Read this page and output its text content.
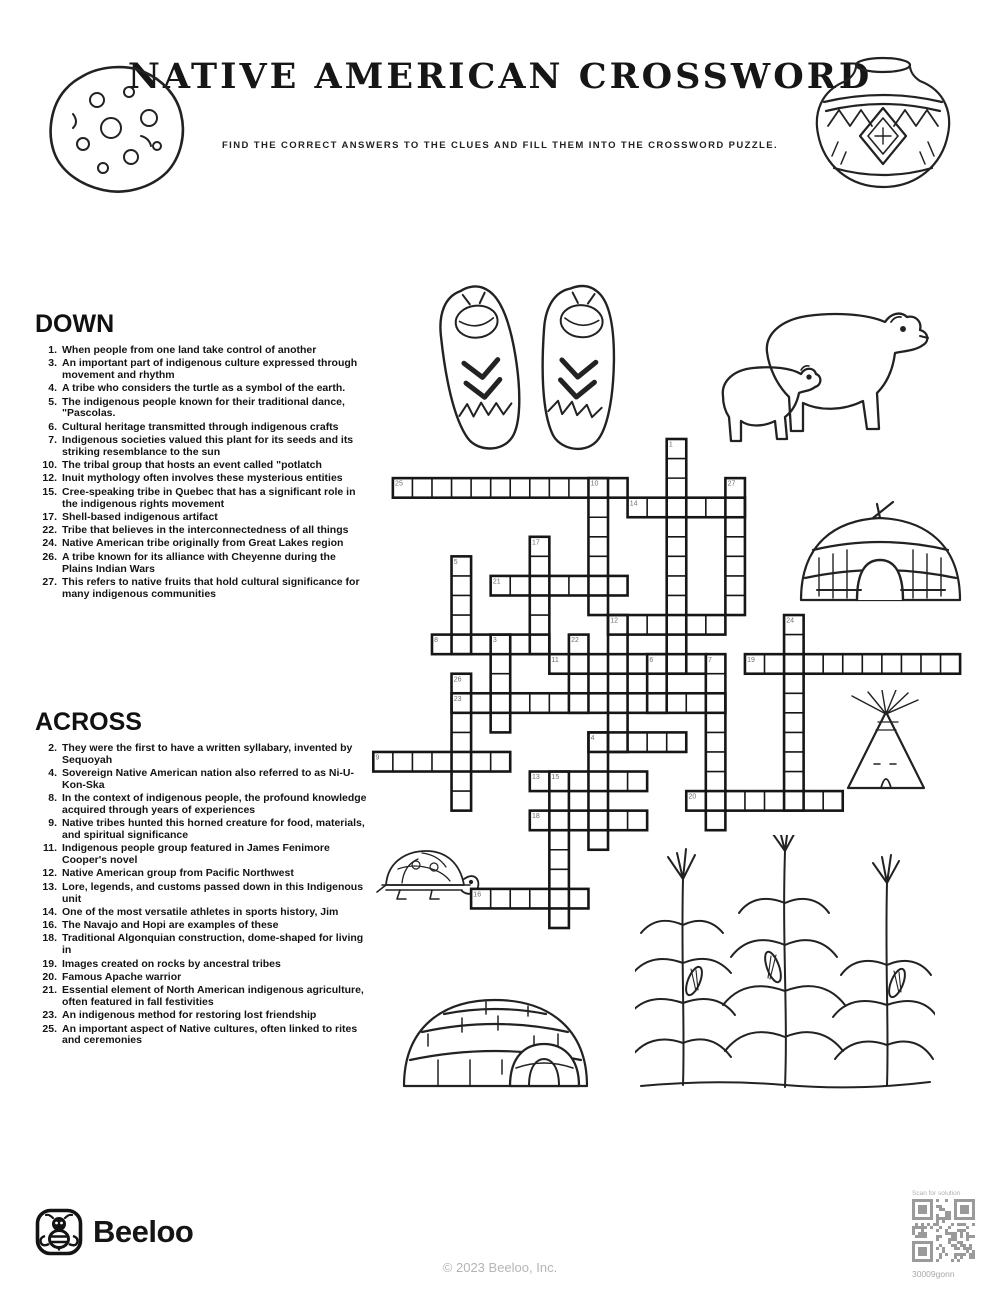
NATIVE AMERICAN CROSSWORD
FIND THE CORRECT ANSWERS TO THE CLUES AND FILL THEM INTO THE CROSSWORD PUZZLE.
DOWN
1. When people from one land take control of another
3. An important part of indigenous culture expressed through movement and rhythm
4. A tribe who considers the turtle as a symbol of the earth.
5. The indigenous people known for their traditional dance, "Pascolas.
6. Cultural heritage transmitted through indigenous crafts
7. Indigenous societies valued this plant for its seeds and its striking resemblance to the sun
10. The tribal group that hosts an event called "potlatch
12. Inuit mythology often involves these mysterious entities
15. Cree-speaking tribe in Quebec that has a significant role in the indigenous rights movement
17. Shell-based indigenous artifact
22. Tribe that believes in the interconnectedness of all things
24. Native American tribe originally from Great Lakes region
26. A tribe known for its alliance with Cheyenne during the Plains Indian Wars
27. This refers to native fruits that hold cultural significance for many indigenous communities
ACROSS
2. They were the first to have a written syllabary, invented by Sequoyah
4. Sovereign Native American nation also referred to as Ni-U-Kon-Ska
8. In the context of indigenous people, the profound knowledge acquired through years of experiences
9. Native tribes hunted this horned creature for food, materials, and spiritual significance
11. Indigenous people group featured in James Fenimore Cooper's novel
12. Native American group from Pacific Northwest
13. Lore, legends, and customs passed down in this Indigenous unit
14. One of the most versatile athletes in sports history, Jim
16. The Navajo and Hopi are examples of these
18. Traditional Algonquian construction, dome-shaped for living in
19. Images created on rocks by ancestral tribes
20. Famous Apache warrior
21. Essential element of North American indigenous agriculture, often featured in fall festivities
23. An indigenous method for restoring lost friendship
25. An important aspect of Native cultures, often linked to rites and ceremonies
25
14
21
12
8
11	19
23
4
9
13
20
18
16
1
10	27
17
5
24
3	22
6	7
26
15
Beeloo
© 2023 Beeloo, Inc.
Scan for solution
30009gonn
